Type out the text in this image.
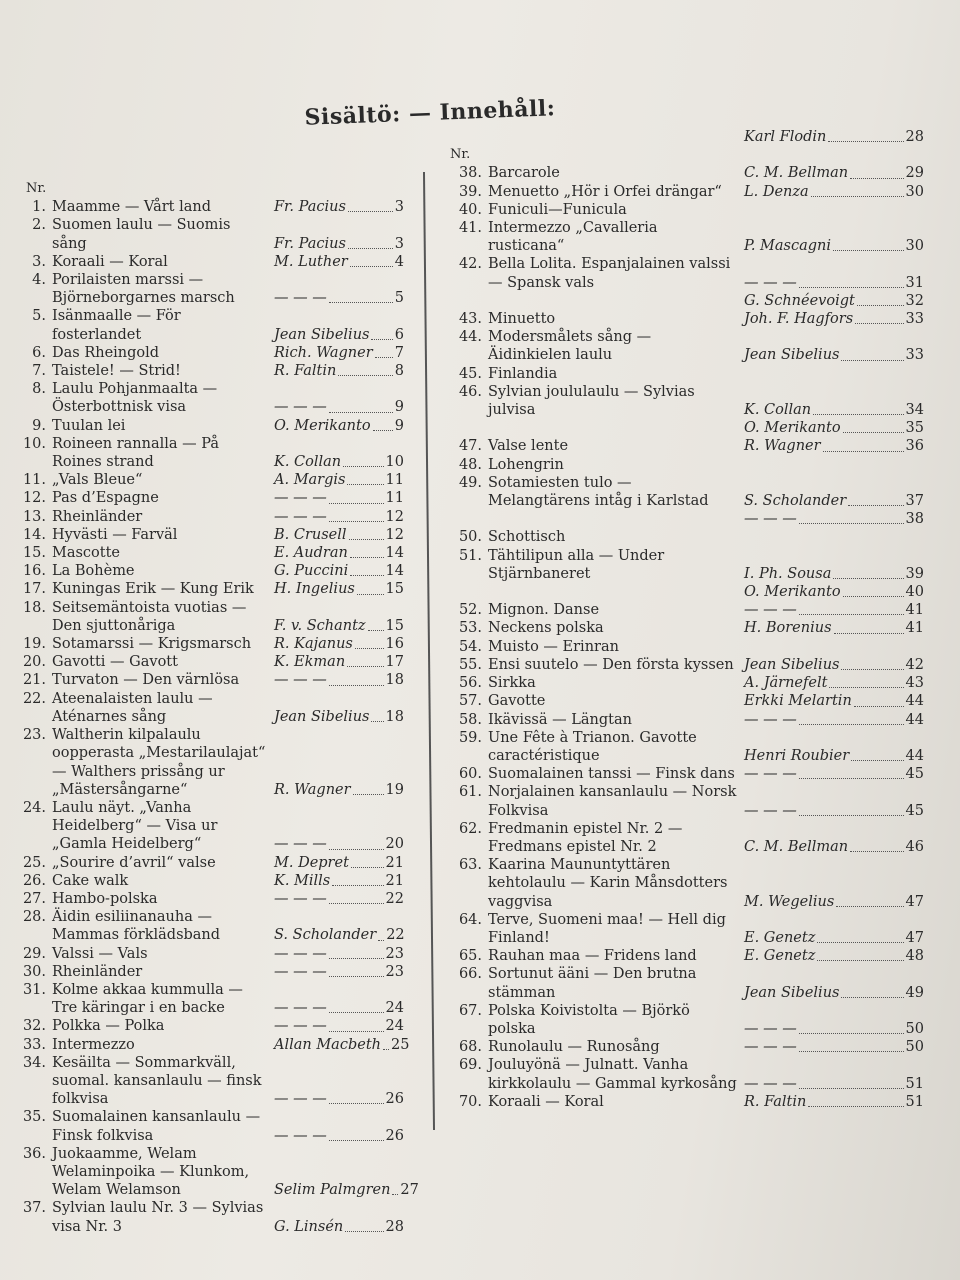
Sisältö: — Innehåll:
Nr.
1. Maamme — Vårt land	Fr. Pacius	3
2. Suomen laulu — Suomis sång	Fr. Pacius	3
3. Koraali — Koral	M. Luther	4
4. Porilaisten marssi — Björneborgarnes marsch	— — —	5
5. Isänmaalle — För fosterlandet	Jean Sibelius 6
6. Das Rheingold	Rich. Wagner 7
7. Taistele! — Strid!	R. Faltin	8
8. Laulu Pohjanmaalta — Österbottnisk visa	— — —	9
9. Tuulan lei	O. Merikanto 9
10. Roineen rannalla — På Roines strand	K. Collan	10
11. „Vals Bleue“	A. Margis	11
12. Pas d’Espagne	— — —	11
13. Rheinländer	— — —	12
14. Hyvästi — Farväl	B. Crusell	12
15. Mascotte	E. Audran	14
16. La Bohème	G. Puccini	14
17. Kuningas Erik — Kung Erik	H. Ingelius 15
18. Seitsemäntoista vuotias — Den sjuttonåriga	F. v. Schantz 15
19. Sotamarssi — Krigsmarsch	R. Kajanus 16
20. Gavotti — Gavott	K. Ekman	17
21. Turvaton — Den värnlösa	— — —	18
22. Ateenalaisten laulu — Aténarnes sång	Jean Sibelius 18
23. Waltherin kilpalaulu oopperasta „Mestarilaulajat“ — Walthers prissång ur „Mästersångarne“	R. Wagner 19
24. Laulu näyt. „Vanha Heidelberg“ — Visa ur „Gamla Heidelberg“	— — —	20
25. „Sourire d’avril“ valse	M. Depret	21
26. Cake walk	K. Mills	21
27. Hambo-polska	— — —	22
28. Äidin esiliinanauha — Mammas förklädsband	S. Scholander 22
29. Valssi — Vals	— — —	23
30. Rheinländer	— — —	23
31. Kolme akkaa kummulla — Tre käringar i en backe	— — —	24
32. Polkka — Polka	— — —	24
33. Intermezzo	Allan Macbeth 25
34. Kesäilta — Sommarkväll, suomal. kansanlaulu — finsk folkvisa	— — —	26
35. Suomalainen kansanlaulu — Finsk folkvisa	— — —	26
36. Juokaamme, Welam Welaminpoika — Klunkom, Welam Welamson	Selim Palmgren 27
37. Sylvian laulu Nr. 3 — Sylvias visa Nr. 3	G. Linsén	28
Karl Flodin	28
Nr.
38. Barcarole	C. M. Bellman	29
39. Menuetto „Hör i Orfei drängar“	L. Denza	30
40. Funiculi—Funicula
41. Intermezzo „Cavalleria rusticana“	P. Mascagni	30
42. Bella Lolita. Espanjalainen valssi — Spansk vals	— — —	31
G. Schnéevoigt	32
43. Minuetto	Joh. F. Hagfors	33
44. Modersmålets sång — Äidinkielen laulu	Jean Sibelius	33
45. Finlandia
46. Sylvian joululaulu — Sylvias julvisa	K. Collan	34
O. Merikanto	35
47. Valse lente	R. Wagner	36
48. Lohengrin
49. Sotamiesten tulo — Melangtärens intåg i Karlstad	S. Scholander	37
— — —	38
50. Schottisch
51. Tähtilipun alla — Under Stjärnbaneret	I. Ph. Sousa	39
O. Merikanto	40
52. Mignon. Danse	— — —	41
53. Neckens polska	H. Borenius	41
54. Muisto — Erinran
55. Ensi suutelo — Den första kyssen Jean Sibelius	42
56. Sirkka	A. Järnefelt	43
57. Gavotte	Erkki Melartin	44
58. Ikävissä — Längtan	— — —	44
59. Une Fête à Trianon. Gavotte caractéristique	Henri Roubier	44
60. Suomalainen tanssi — Finsk dans — — —	45
61. Norjalainen kansanlaulu — Norsk Folkvisa	— — —	45
62. Fredmanin epistel Nr. 2 — Fredmans epistel Nr. 2	C. M. Bellman	46
63. Kaarina Maununtyttären kehtolaulu — Karin Månsdotters vaggvisa	M. Wegelius	47
64. Terve, Suomeni maa! — Hell dig Finland!	E. Genetz	47
65. Rauhan maa — Fridens land	E. Genetz	48
66. Sortunut ääni — Den brutna stämman	Jean Sibelius	49
67. Polska Koivistolta — Björkö polska	— — —	50
68. Runolaulu — Runosång	— — —	50
69. Jouluyönä — Julnatt. Vanha kirkkolaulu — Gammal kyrkosång — — —	51
70. Koraali — Koral	R. Faltin	51
